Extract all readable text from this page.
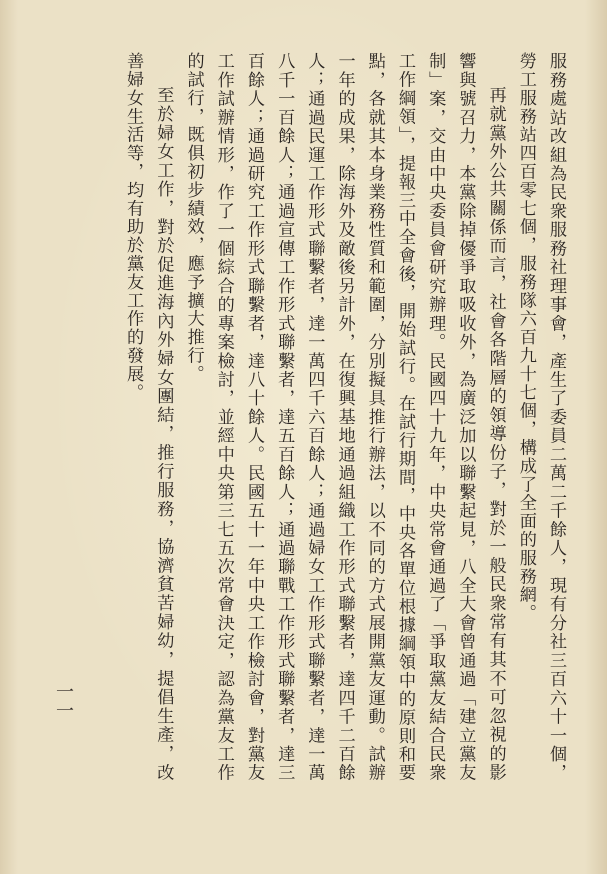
服務處站改組為民衆服務社理事會，產生了委員二萬二千餘人，現有分社三百六十一個，勞工服務站四百零七個，服務隊六百九十七個，構成了全面的服務網。

再就黨外公共關係而言，社會各階層的領導份子，對於一般民衆常有其不可忽視的影響與號召力，本黨除掉優爭取吸收外，為廣泛加以聯繫起見，八全大會曾通過「建立黨友制」案，交由中央委員會研究辦理。民國四十九年，中央常會通過了「爭取黨友結合民衆工作綱領」，提報三中全會後，開始試行。在試行期間，中央各單位根據綱領中的原則和要點，各就其本身業務性質和範圍，分別擬具推行辦法，以不同的方式展開黨友運動。試辦一年的成果，除海外及敵後另計外，在復興基地通過組織工作形式聯繫者，達四千二百餘人；通過民運工作形式聯繫者，達一萬四千六百餘人；通過婦女工作形式聯繫者，達一萬八千一百餘人；通過宣傳工作形式聯繫者，達五百餘人；通過聯戰工作形式聯繫者，達三百餘人；通過研究工作形式聯繫者，達八十餘人。民國五十一年中央工作檢討會，對黨友工作試辦情形，作了一個綜合的專案檢討，並經中央第三七五次常會決定，認為黨友工作的試行，既俱初步績效，應予擴大推行。

至於婦女工作，對於促進海內外婦女團結，推行服務，協濟貧苦婦幼，提倡生產，改善婦女生活等，均有助於黨友工作的發展。

一一
